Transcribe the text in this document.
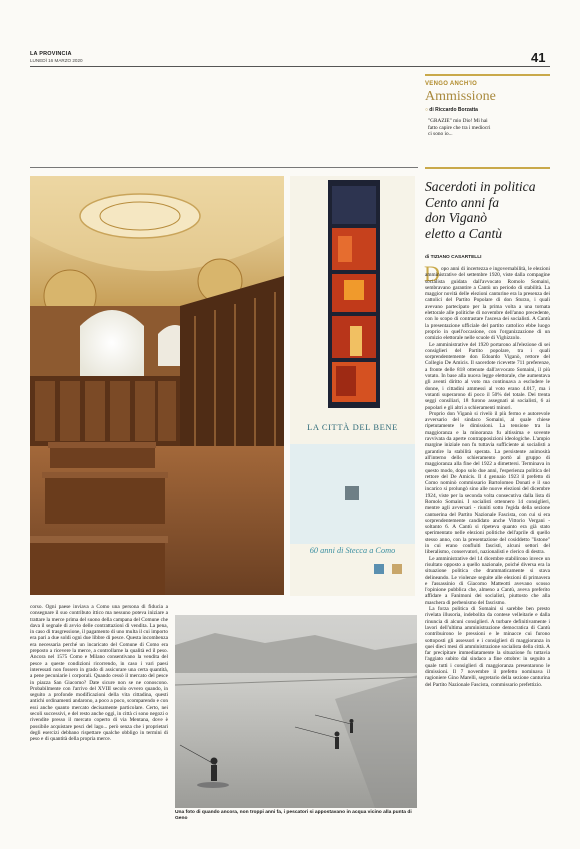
LA PROVINCIA
LUNEDÌ 16 MARZO 2020	41
VENGO ANCH'IO
Ammissione
○ di Riccardo Borzatta
"GRAZIE" mio Dio! Mi hai fatto capire che tra i mediocri ci sono io...
LA CITTÀ DEL BENE
60 anni di Stecca a Como
Sacerdoti in politica
Cento anni fa
don Viganò
eletto a Cantù
di TIZIANO CASARTELLI
D opo anni di incertezza e ingovernabilità, le elezioni amministrative del settembre 1920, viste dalla compagine socialista guidata dall'avvocato Romolo Somaini, sembravano garantire a Cantù un periodo di stabilità. La maggior novità delle elezioni canturine era la presenza dei cattolici del Partito Popolare di don Sturzo, i quali avevano partecipato per la prima volta a una tornata elettorale alle politiche di novembre dell'anno precedente, con lo scopo di contrastare l'ascesa dei socialisti. A Cantù la presentazione ufficiale del partito cattolico ebbe luogo proprio in quell'occasione, con l'organizzazione di un comizio elettorale nelle scuole di Vighizzolo.

Le amministrative del 1920 portarono all'elezione di sei consiglieri del Partito popolare, tra i quali sorprendentemente don Edoardo Viganò, rettore del Collegio De Amicis. Il sacerdote ricevette 711 preferenze, a fronte delle 818 ottenute dall'avvocato Somaini, il più votato. In base alla nuova legge elettorale, che aumentava gli aventi diritto al voto ma continuava a escludere le donne, i cittadini ammessi al voto erano 4.017, ma i votanti superarono di poco il 50% del totale. Dei trenta seggi consiliari, 18 furono assegnati ai socialisti, 6 ai popolari e gli altri a schieramenti minori.

Proprio don Viganò si rivelò il più fermo e autorevole avversario del sindaco Somaini, al quale chiese ripetutamente le dimissioni. La tensione tra la maggioranza e la minoranza fu altissima e sovente ravvivata da aperte contrapposizioni ideologiche. L'ampio margine iniziale non fu tuttavia sufficiente ai socialisti a garantire la stabilità sperata. La persistente animosità all'interno dello schieramento portò al gruppo di maggioranza alla fine del 1922 a dimettersi. Terminava in questo modo, dopo solo due anni, l'esperienza politica del rettore del De Amicis. Il 4 gennaio 1923 il prefetto di Como nominò commissario Bartolomeo Donati e il suo incarico si prolungò sino alle nuove elezioni del dicembre 1924, viste per la seconda volta consecutiva dalla lista di Romolo Somaini. I socialisti ottennero 14 consiglieri, mentre agli avversari - riuniti sotto l'egida della sezione cantuerina del Partito Nazionale Fascista, con cui si era sorprendentemente candidato anche Vittorio Vergani - soltanto 6. A Cantù si ripeteva quanto era già stato sperimentato nelle elezioni politiche dell'aprile di quello stesso anno, con la presentazione del cosiddetto "listone" in cui erano confluiti fascisti, alcuni settori del liberalismo, conservatori, nazionalisti e clerico di destra.

Le amministrative del 14 dicembre stabilirono invece un risultato opposto a quello nazionale, poiché diversa era la situazione politica che drammaticamente si stava delineando. Le violenze seguite alle elezioni di primavera e l'assassinio di Giacomo Matteotti avevano scosso l'opinione pubblica che, almeno a Cantù, aveva preferito affidare a Fanimoni dei socialisti, piuttosto che alla maschera di perbenismo del fascismo.

La forza politica di Somaini si sarebbe ben presto rivelata illusoria, indebolita da contese velleitarie e dalla rinuncia di alcuni consiglieri. A turbare definitivamente i lavori dell'ultima amministrazione democratica di Cantù contribuirono le pressioni e le minacce cui furono sottoposti gli assessori e i consiglieri di maggioranza in quei dieci mesi di amministrazione socialista della città. A far precipitare immediatamente la situazione fu tuttavia l'aggiato subito dal sindaco a fine ottobre: in seguito a quale tutti i consiglieri di maggioranza presentarono le dimissioni. Il 7 novembre il prefetto nominava il ragioniere Gino Marelli, segretario della sezione canturina del Partito Nazionale Fascista, commissario prefettizio.

corso. Ogni paese inviava a Como una persona di fiducia a consegnare il suo contributo ittico ma nessuno poteva iniziare a trattare la merce prima del suono della campana del Comune che dava il segnale di avvio delle contrattazioni di vendita. La pena, in caso di trasgressione, il pagamento di uno multa il cui importo era pari a due soldi ogni due libbre di pesce. Questa incombenza era necessaria perché un incaricato del Comune di Como era preposto a ricevere la merce, a controllarne la qualità ed il peso. Ancora nel 1575 Como e Milano consentivano la vendita del pesce a queste condizioni ricorrendo, in caso i vari paesi interessati non fossero in grado di assicurare una certa quantità, a pene pecuniarie i corporali. Quando cessò il mercato del pesce in piazza San Giacomo? Date sicure non se ne conoscono. Probabilmente con l'arrivo del XVIII secolo ovvero quando, in seguito a profonde modificazioni della vita cittadina, questi antichi ordinamenti andarono, a poco a poco, scomparendo e con essi anche quanto mercato decisamente particolare. Certo, nei secoli successivi, e del resto anche oggi, in città ci sono negozi o rivendite presso il mercato coperto di via Mentana, dove è possibile acquistare pesci del lago... però senza che i proprietari degli esercizi debbano rispettare qualche obbligo in termini di peso e di quantità della propria merce.
Una foto di quando ancora, non troppi anni fa, i pescatori si appostavano in acqua vicino alla punta di Geno
